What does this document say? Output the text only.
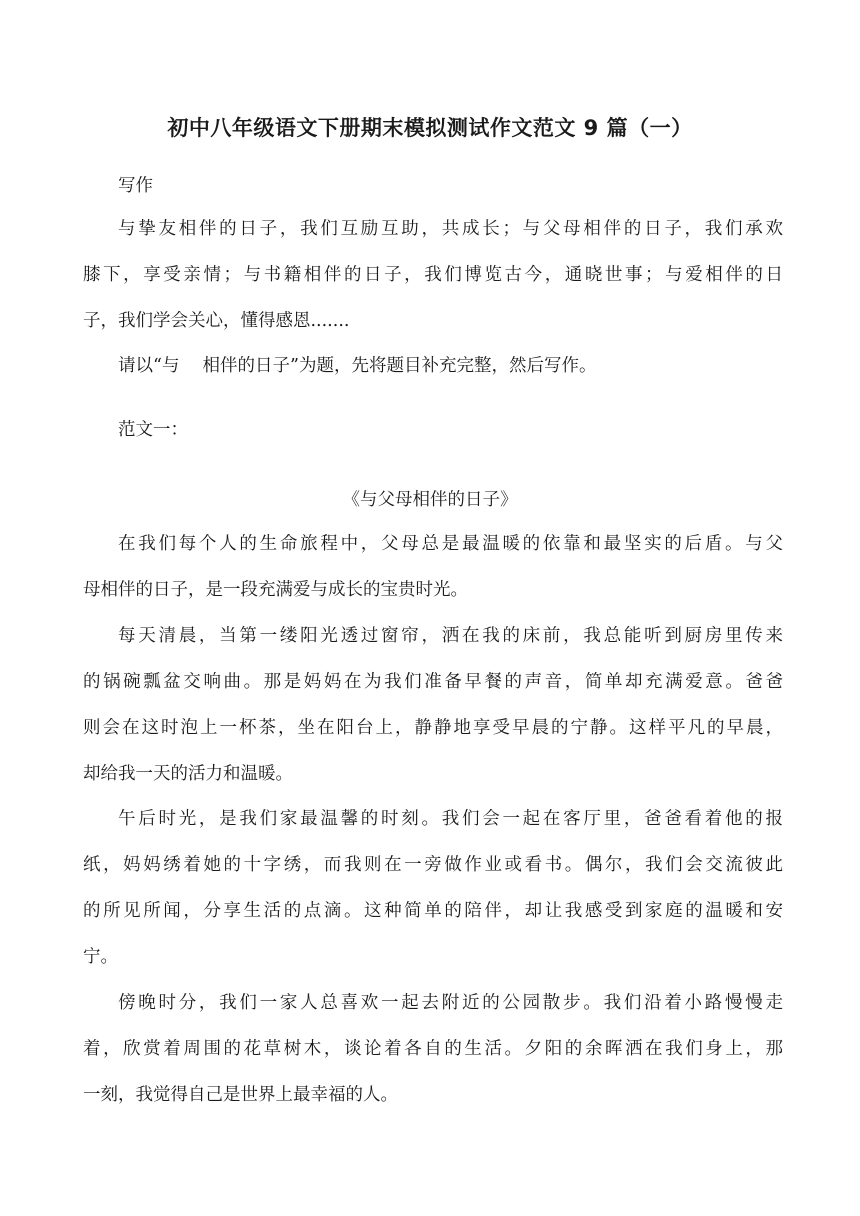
初中八年级语文下册期末模拟测试作文范文 9 篇（一）
写作
与挚友相伴的日子，我们互励互助，共成长；与父母相伴的日子，我们承欢
膝下，享受亲情；与书籍相伴的日子，我们博览古今，通晓世事；与爱相伴的日
子，我们学会关心，懂得感恩.......
请以“与　 相伴的日子”为题，先将题目补充完整，然后写作。
范文一：
《与父母相伴的日子》
在我们每个人的生命旅程中，父母总是最温暖的依靠和最坚实的后盾。与父
母相伴的日子，是一段充满爱与成长的宝贵时光。
每天清晨，当第一缕阳光透过窗帘，洒在我的床前，我总能听到厨房里传来
的锅碗瓢盆交响曲。那是妈妈在为我们准备早餐的声音，简单却充满爱意。爸爸
则会在这时泡上一杯茶，坐在阳台上，静静地享受早晨的宁静。这样平凡的早晨，
却给我一天的活力和温暖。
午后时光，是我们家最温馨的时刻。我们会一起在客厅里，爸爸看着他的报
纸，妈妈绣着她的十字绣，而我则在一旁做作业或看书。偶尔，我们会交流彼此
的所见所闻，分享生活的点滴。这种简单的陪伴，却让我感受到家庭的温暖和安
宁。
傍晚时分，我们一家人总喜欢一起去附近的公园散步。我们沿着小路慢慢走
着，欣赏着周围的花草树木，谈论着各自的生活。夕阳的余晖洒在我们身上，那
一刻，我觉得自己是世界上最幸福的人。
